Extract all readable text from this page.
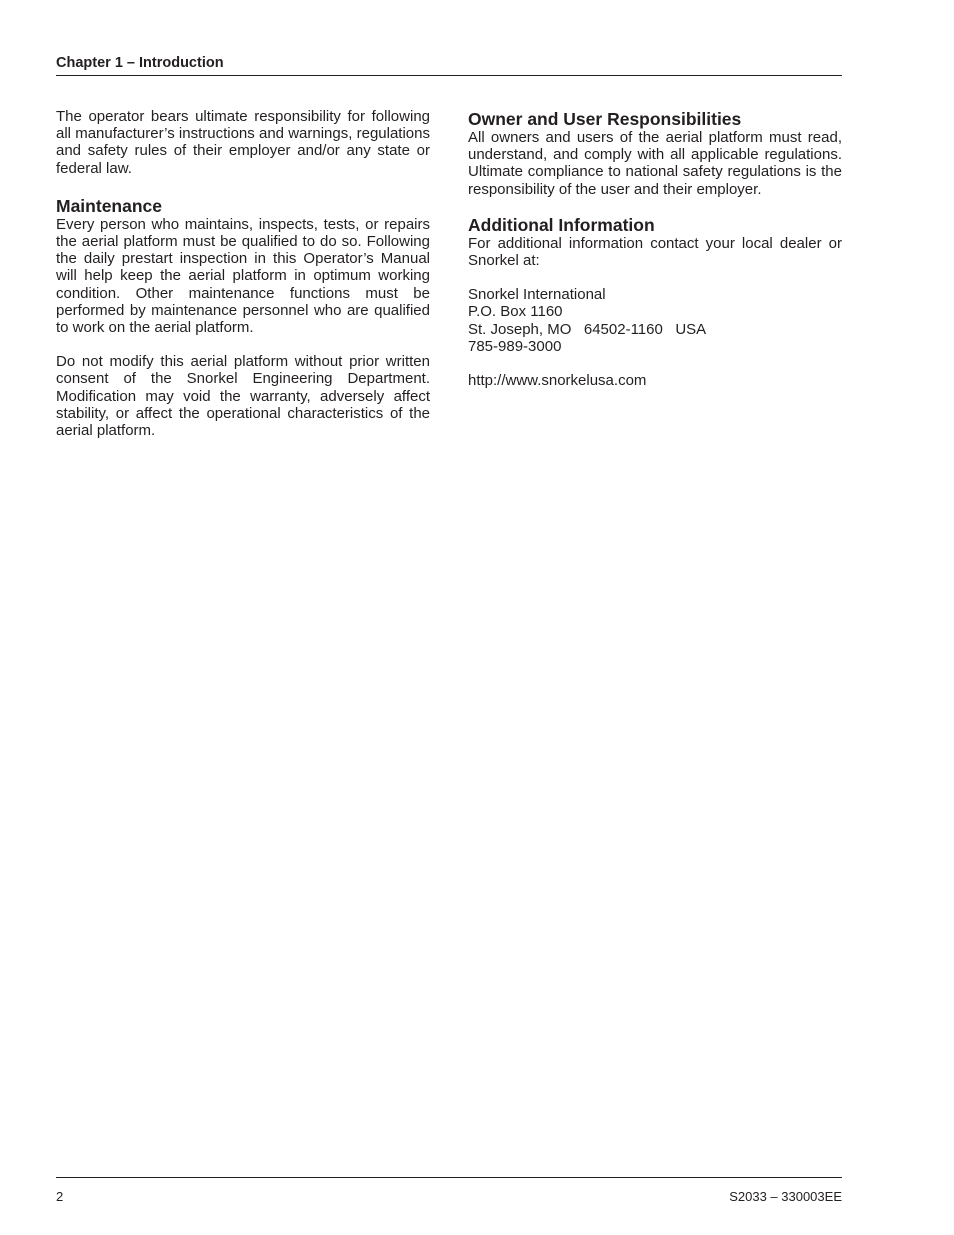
Chapter 1 – Introduction

The operator bears ultimate responsibility for following all manufacturer’s instructions and warnings, regulations and safety rules of their employer and/or any state or federal law.

Maintenance

Every person who maintains, inspects, tests, or repairs the aerial platform must be qualified to do so. Following the daily prestart inspection in this Operator’s Manual will help keep the aerial platform in optimum working condition. Other maintenance functions must be performed by maintenance personnel who are qualified to work on the aerial platform.

Do not modify this aerial platform without prior written consent of the Snorkel Engineering Department. Modification may void the warranty, adversely affect stability, or affect the operational characteristics of the aerial platform.

Owner and User Responsibilities

All owners and users of the aerial platform must read, understand, and comply with all applicable regulations. Ultimate compliance to national safety regulations is the responsibility of the user and their employer.

Additional Information

For additional information contact your local dealer or Snorkel at:

Snorkel International
P.O. Box 1160
St. Joseph, MO   64502-1160   USA
785-989-3000
http://www.snorkelusa.com
2	S2033 – 330003EE
